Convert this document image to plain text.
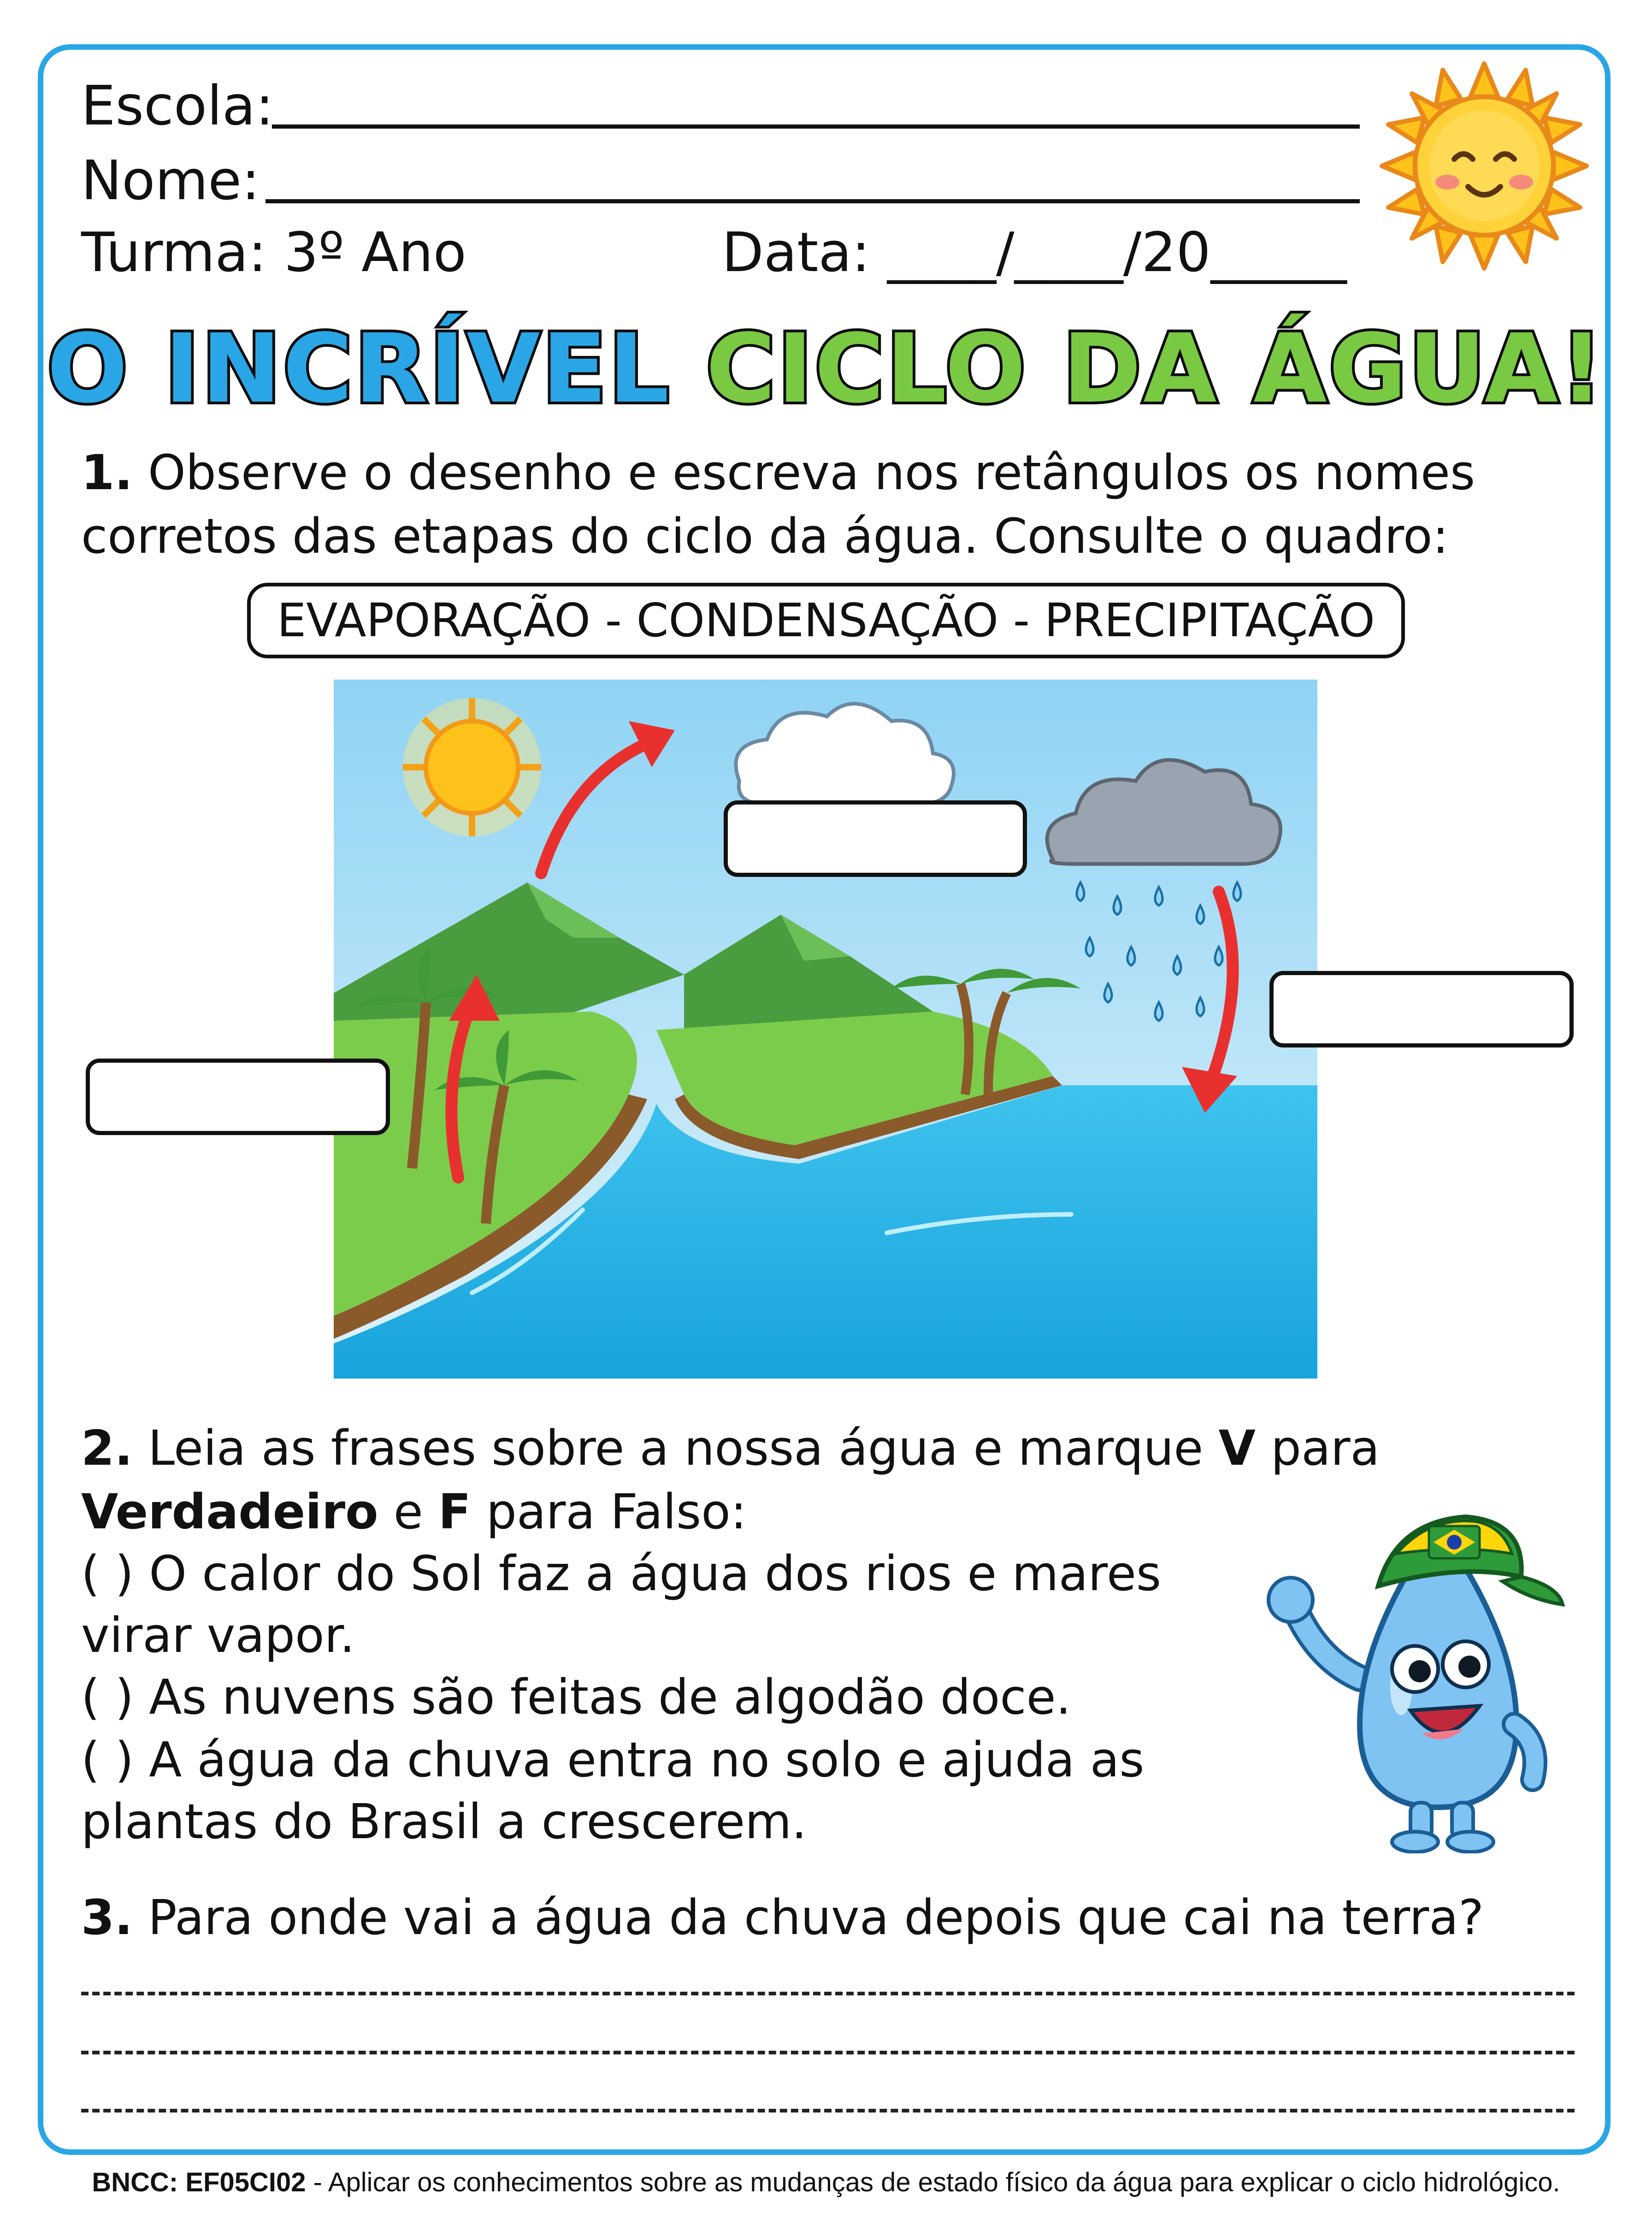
Escola:
Nome:
Turma: 3º Ano	Data: ____/____/20_____
O INCRÍVEL CICLO DA ÁGUA!
1. Observe o desenho e escreva nos retângulos os nomes
corretos das etapas do ciclo da água. Consulte o quadro:
EVAPORAÇÃO - CONDENSAÇÃO - PRECIPITAÇÃO
2. Leia as frases sobre a nossa água e marque V para
Verdadeiro e F para Falso:
( ) O calor do Sol faz a água dos rios e mares
virar vapor.
( ) As nuvens são feitas de algodão doce.
( ) A água da chuva entra no solo e ajuda as
plantas do Brasil a crescerem.
3. Para onde vai a água da chuva depois que cai na terra?
BNCC: EF05CI02 - Aplicar os conhecimentos sobre as mudanças de estado físico da água para explicar o ciclo hidrológico.
